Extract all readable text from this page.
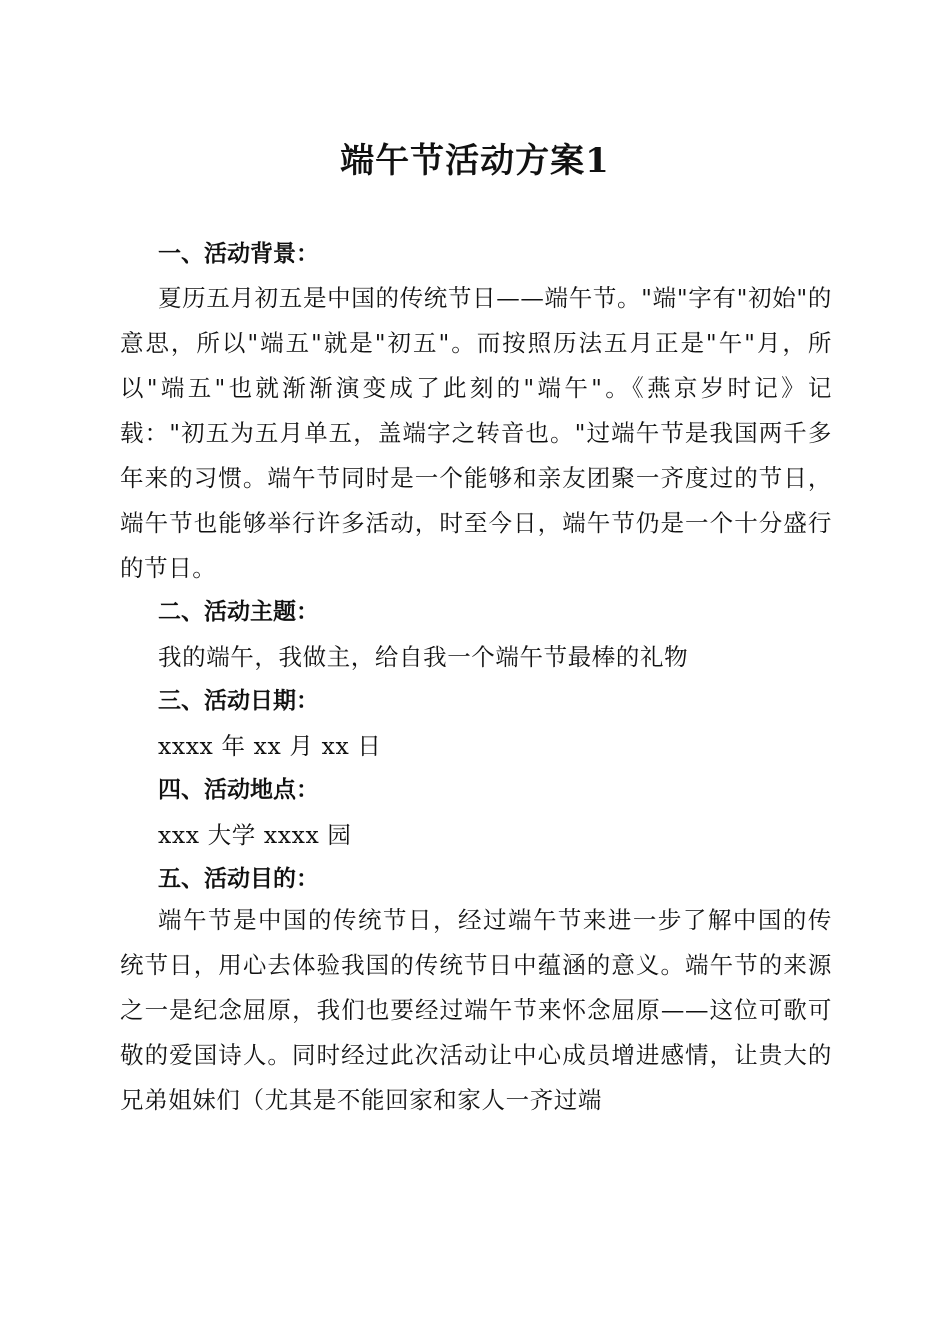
端午节活动方案1
一、活动背景：
夏历五月初五是中国的传统节日——端午节。"端"字有"初始"的意思，所以"端五"就是"初五"。而按照历法五月正是"午"月，所以"端五"也就渐渐演变成了此刻的"端午"。《燕京岁时记》记载："初五为五月单五，盖端字之转音也。"过端午节是我国两千多年来的习惯。端午节同时是一个能够和亲友团聚一齐度过的节日，端午节也能够举行许多活动，时至今日，端午节仍是一个十分盛行的节日。
二、活动主题：
我的端午，我做主，给自我一个端午节最棒的礼物
三、活动日期：
xxxx 年 xx 月 xx 日
四、活动地点：
xxx 大学 xxxx 园
五、活动目的：
端午节是中国的传统节日，经过端午节来进一步了解中国的传统节日，用心去体验我国的传统节日中蕴涵的意义。端午节的来源之一是纪念屈原，我们也要经过端午节来怀念屈原——这位可歌可敬的爱国诗人。同时经过此次活动让中心成员增进感情，让贵大的兄弟姐妹们（尤其是不能回家和家人一齐过端
